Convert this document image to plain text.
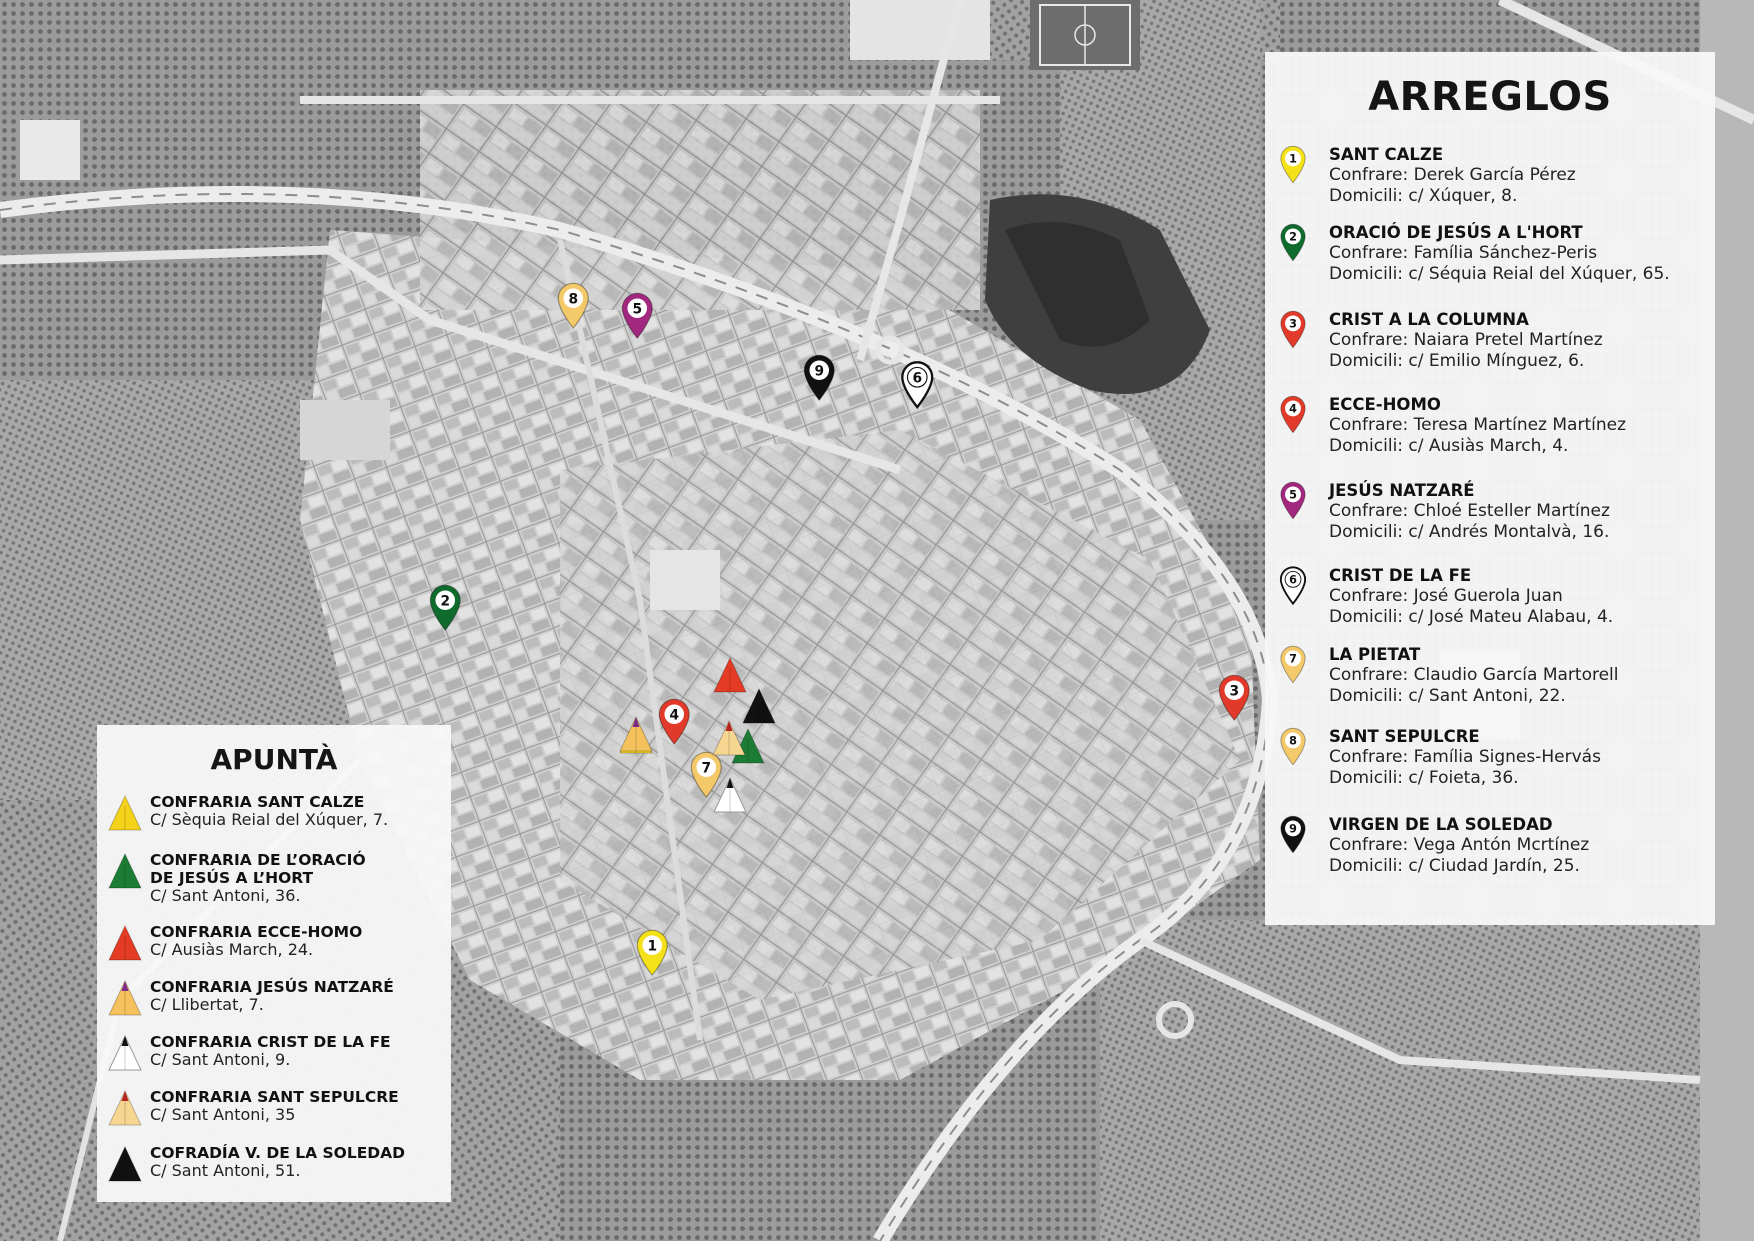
1
2
3
4
5
6
7
8
9
ARREGLOS
1 SANT CALZE
Confrare: Derek García Pérez
Domicili: c/ Xúquer, 8.
2 ORACIÓ DE JESÚS A L'HORT
Confrare: Família Sánchez-Peris
Domicili: c/ Séquia Reial del Xúquer, 65.
3 CRIST A LA COLUMNA
Confrare: Naiara Pretel Martínez
Domicili: c/ Emilio Mínguez, 6.
4 ECCE-HOMO
Confrare: Teresa Martínez Martínez
Domicili: c/ Ausiàs March, 4.
5 JESÚS NATZARÉ
Confrare: Chloé Esteller Martínez
Domicili: c/ Andrés Montalvà, 16.
6 CRIST DE LA FE
Confrare: José Guerola Juan
Domicili: c/ José Mateu Alabau, 4.
7 LA PIETAT
Confrare: Claudio García Martorell
Domicili: c/ Sant Antoni, 22.
8 SANT SEPULCRE
Confrare: Família Signes-Hervás
Domicili: c/ Foieta, 36.
9 VIRGEN DE LA SOLEDAD
Confrare: Vega Antón Mcrtínez
Domicili: c/ Ciudad Jardín, 25.
APUNTÀ
CONFRARIA SANT CALZE
C/ Sèquia Reial del Xúquer, 7.
CONFRARIA DE L’ORACIÓ
DE JESÚS A L’HORT
C/ Sant Antoni, 36.
CONFRARIA ECCE-HOMO
C/ Ausiàs March, 24.
CONFRARIA JESÚS NATZARÉ
C/ Llibertat, 7.
CONFRARIA CRIST DE LA FE
C/ Sant Antoni, 9.
CONFRARIA SANT SEPULCRE
C/ Sant Antoni, 35
COFRADÍA V. DE LA SOLEDAD
C/ Sant Antoni, 51.
